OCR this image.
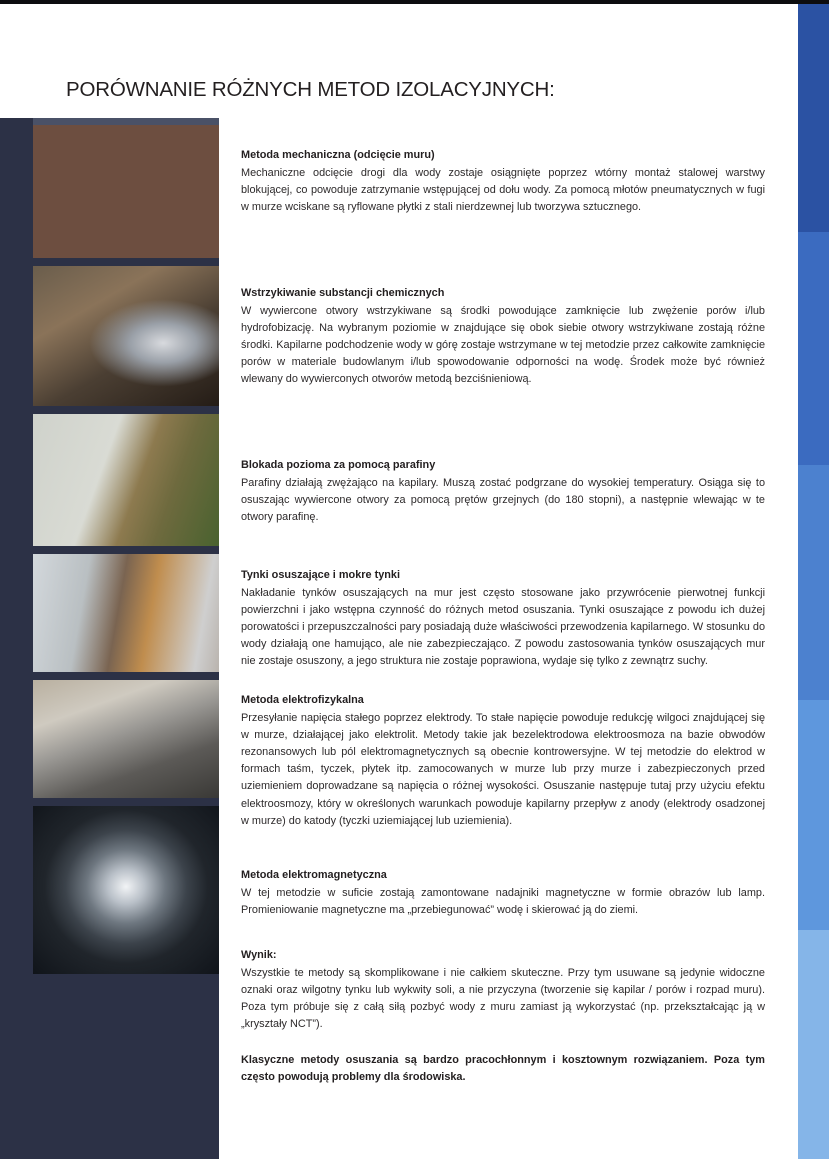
PORÓWNANIE RÓŻNYCH METOD IZOLACYJNYCH:
Metoda mechaniczna (odcięcie muru)
Mechaniczne odcięcie drogi dla wody zostaje osiągnięte poprzez wtórny montaż stalowej warstwy blokującej, co powoduje zatrzymanie wstępującej od dołu wody. Za pomocą młotów pneumatycznych w fugi w murze wciskane są ryflowane płytki z stali nierdzewnej lub tworzywa sztucznego.
Wstrzykiwanie substancji chemicznych
W wywiercone otwory wstrzykiwane są środki powodujące zamknięcie lub zwężenie porów i/lub hydrofobizację. Na wybranym poziomie w znajdujące się obok siebie otwory wstrzykiwane zostają różne środki. Kapilarne podchodzenie wody w górę zostaje wstrzymane w tej metodzie przez całkowite zamknięcie porów w materiale budowlanym i/lub spowodowanie odporności na wodę. Środek może być również wlewany do wywierconych otworów metodą bezciśnieniową.
Blokada pozioma za pomocą parafiny
Parafiny działają zwężająco na kapilary. Muszą zostać podgrzane do wysokiej temperatury. Osiąga się to osuszając wywiercone otwory za pomocą prętów grzejnych (do 180 stopni), a następnie wlewając w te otwory parafinę.
Tynki osuszające i mokre tynki
Nakładanie tynków osuszających na mur jest często stosowane jako przywrócenie pierwotnej funkcji powierzchni i jako wstępna czynność do różnych metod osuszania. Tynki osuszające z powodu ich dużej porowatości i przepuszczalności pary posiadają duże właściwości przewodzenia kapilarnego. W stosunku do wody działają one hamująco, ale nie zabezpieczająco. Z powodu zastosowania tynków osuszających mur nie zostaje osuszony, a jego struktura nie zostaje poprawiona, wydaje się tylko z zewnątrz suchy.
Metoda elektrofizykalna
Przesyłanie napięcia stałego poprzez elektrody. To stałe napięcie powoduje redukcję wilgoci znajdującej się w murze, działającej jako elektrolit. Metody takie jak bezelektrodowa elektroosmoza na bazie obwodów rezonansowych lub pól elektromagnetycznych są obecnie kontrowersyjne. W tej metodzie do elektrod w formach taśm, tyczek, płytek itp. zamocowanych w murze lub przy murze i zabezpieczonych przed uziemieniem doprowadzane są napięcia o różnej wysokości. Osuszanie następuje tutaj przy użyciu efektu elektroosmozy, który w określonych warunkach powoduje kapilarny przepływ z anody (elektrody osadzonej w murze) do katody (tyczki uziemiającej lub uziemienia).
Metoda elektromagnetyczna
W tej metodzie w suficie zostają zamontowane nadajniki magnetyczne w formie obrazów lub lamp. Promieniowanie magnetyczne ma „przebiegunować” wodę i skierować ją do ziemi.
Wynik:
Wszystkie te metody są skomplikowane i nie całkiem skuteczne. Przy tym usuwane są jedynie widoczne oznaki oraz wilgotny tynku lub wykwity soli, a nie przyczyna (tworzenie się kapilar / porów i rozpad muru). Poza tym próbuje się z całą siłą pozbyć wody z muru zamiast ją wykorzystać (np. przekształcając ją w „kryształy NCT”).
Klasyczne metody osuszania są bardzo pracochłonnym i kosztownym rozwiązaniem. Poza tym często powodują problemy dla środowiska.
